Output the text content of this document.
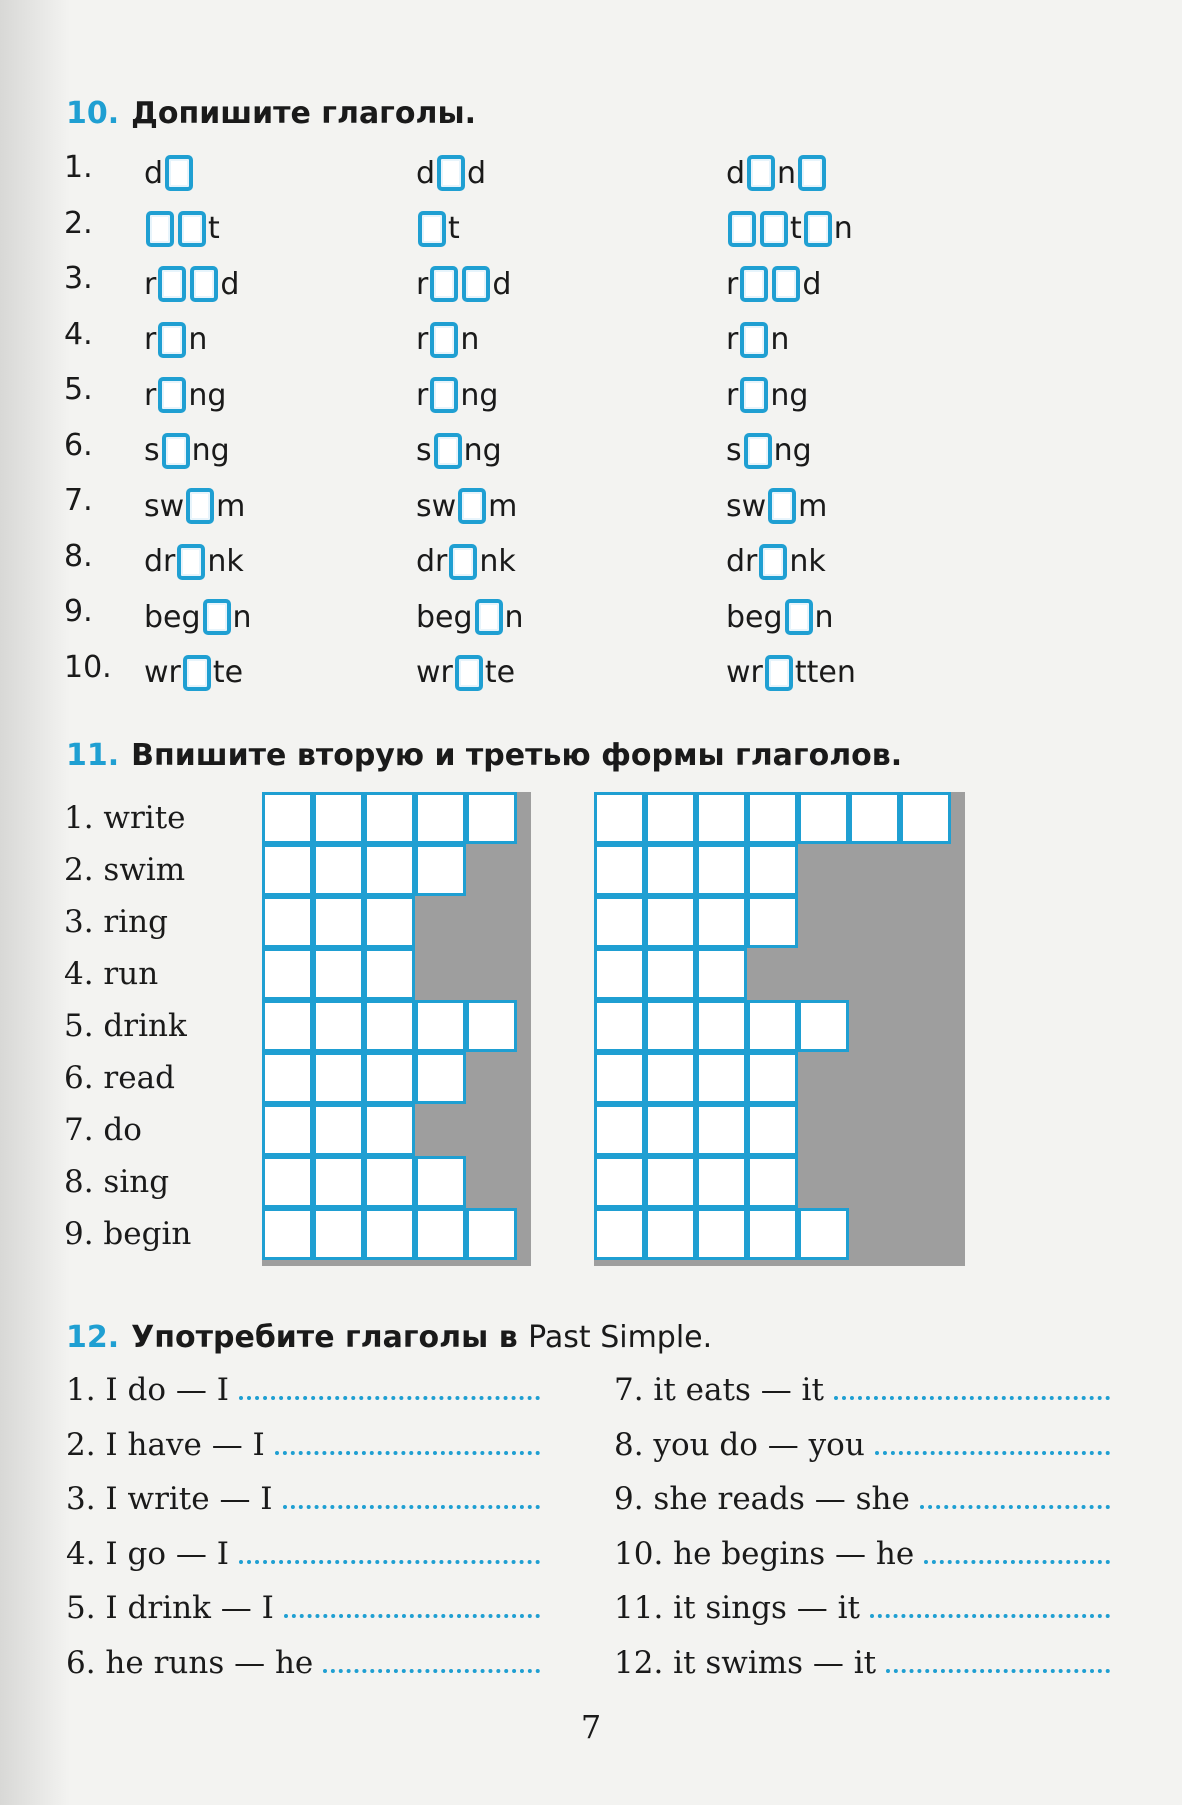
10. Допишите глаголы.
1. d	d d	d n
2.	t	t	t n
3. r d	r d	r d
4. r n	r n	r n
5. r ng	r ng	r ng
6. s ng	s ng	s ng
7. sw m	sw m	sw m
8. dr nk	dr nk	dr nk
9. beg n	beg n	beg n
10. wr te	wr te	wr tten
11. Впишите вторую и третью формы глаголов.
1. write
2. swim
3. ring
4. run
5. drink
6. read
7. do
8. sing
9. begin
12. Употребите глаголы в Past Simple.
1. I do — I
2. I have — I
3. I write — I
4. I go — I
5. I drink — I
6. he runs — he
7. it eats — it
8. you do — you
9. she reads — she
10. he begins — he
11. it sings — it
12. it swims — it
7
